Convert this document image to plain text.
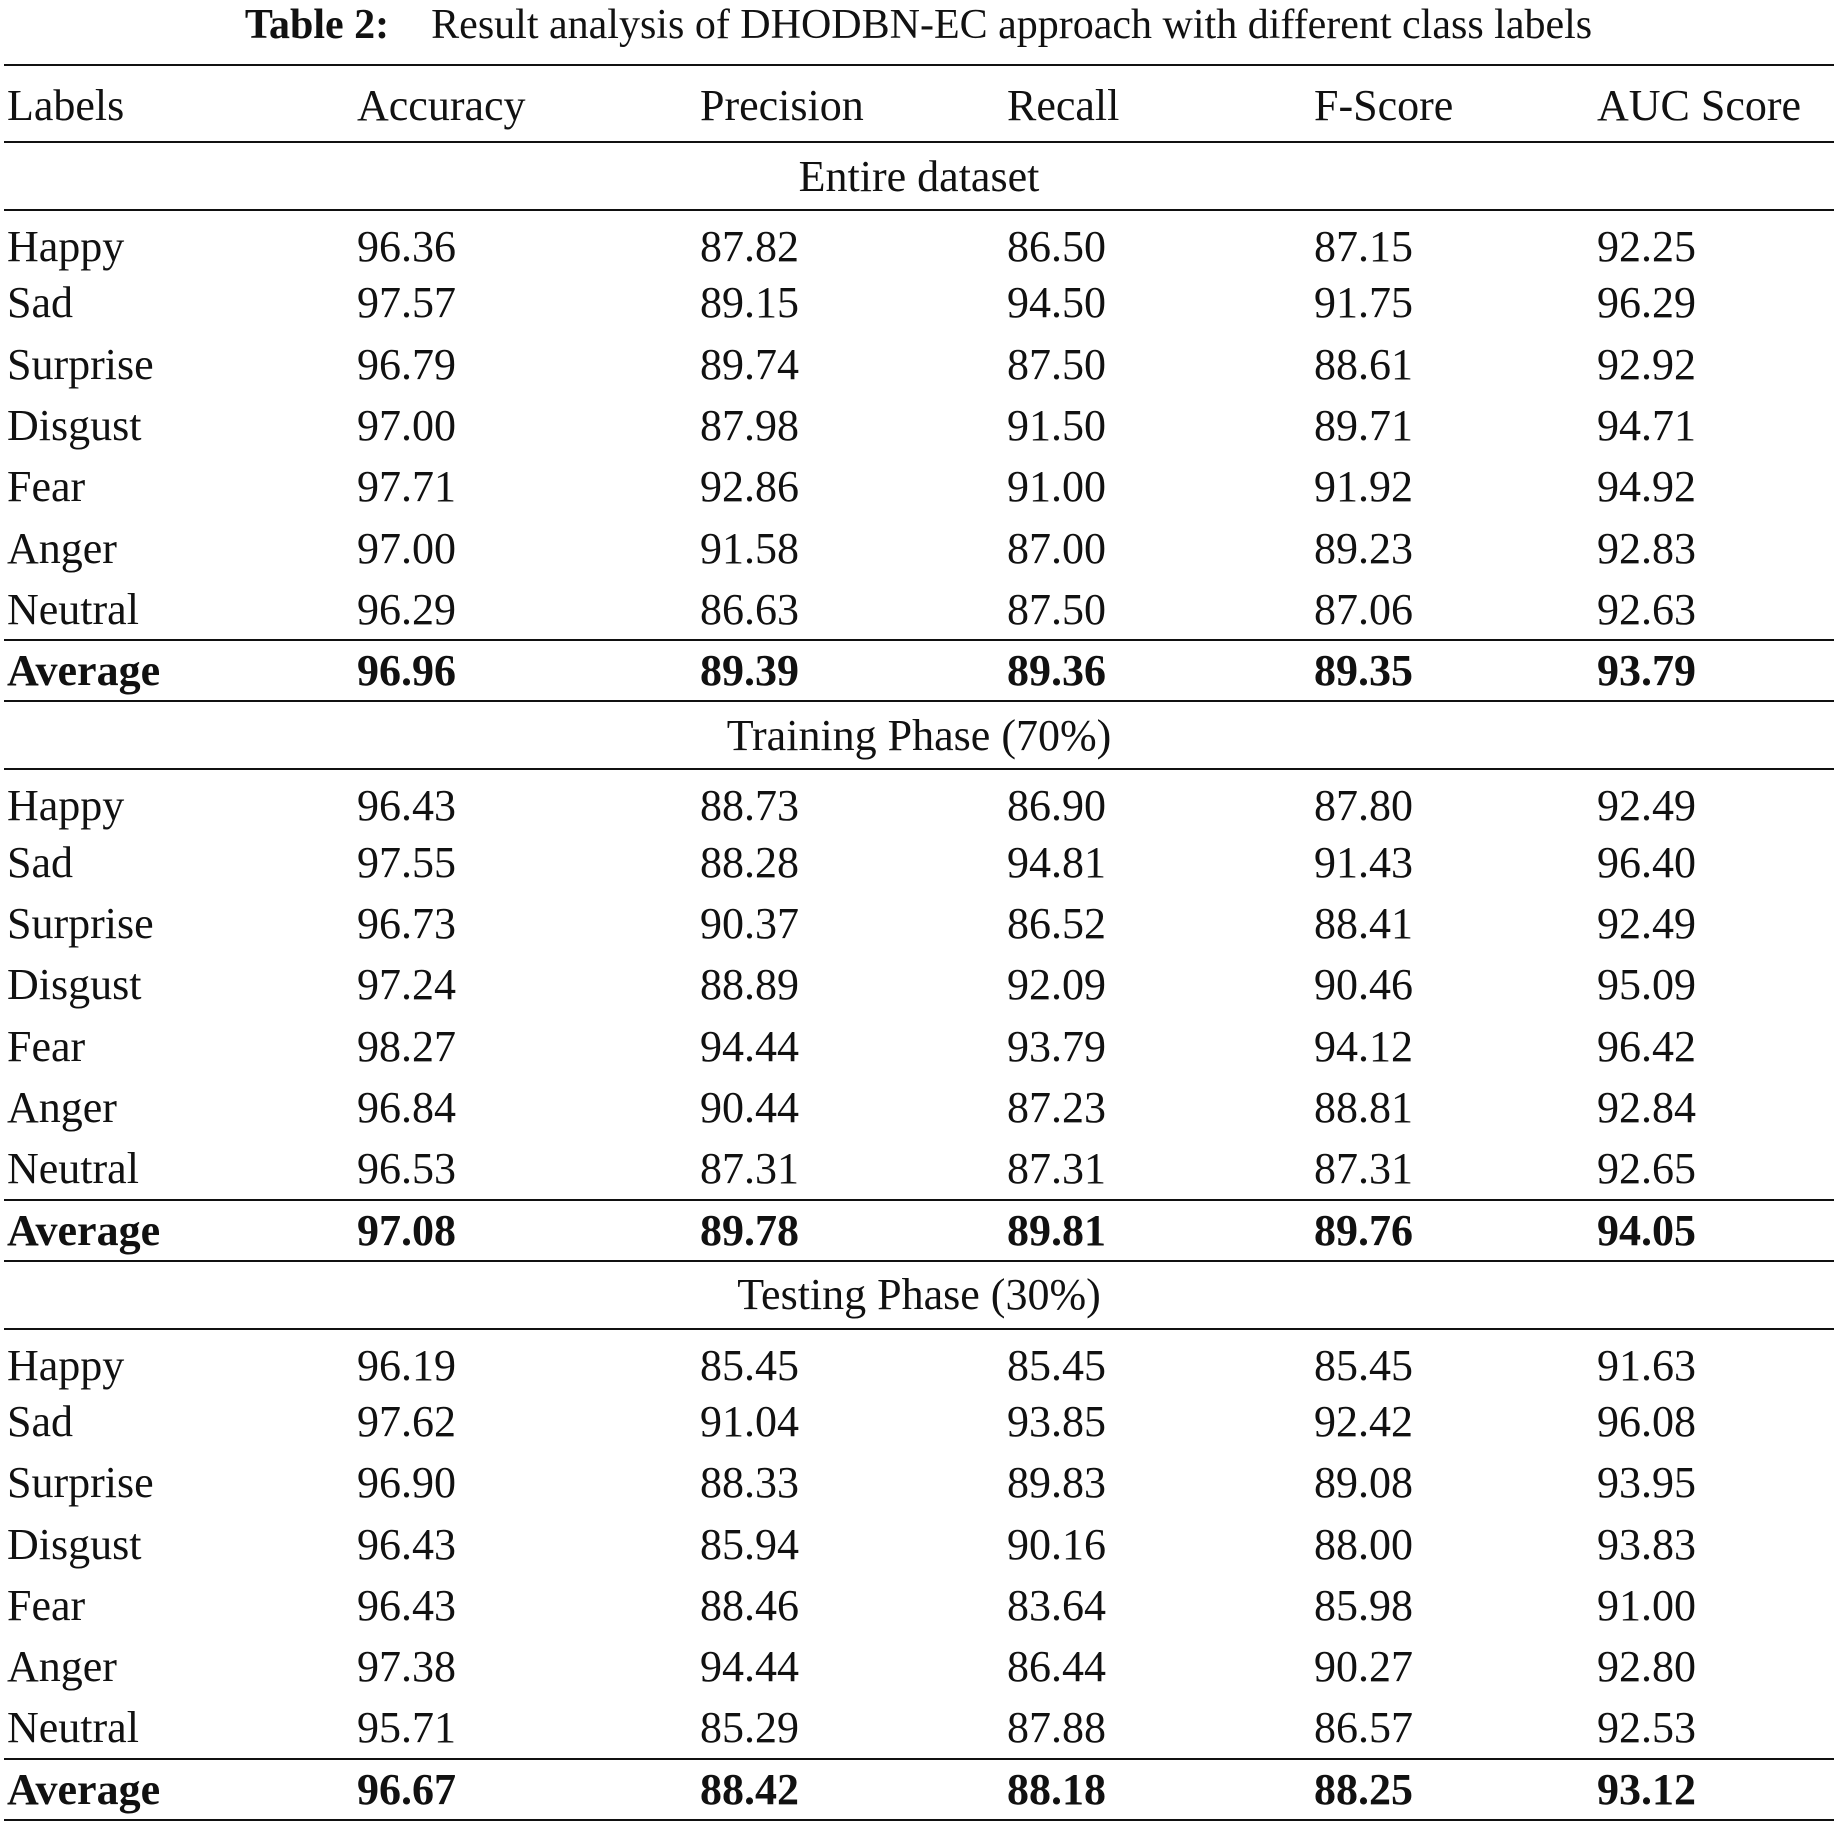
Table 2: Result analysis of DHODBN-EC approach with different class labels
Labels	Accuracy	Precision	Recall	F-Score	AUC Score
Entire dataset					
Happy	96.36	87.82	86.50	87.15	92.25
Sad	97.57	89.15	94.50	91.75	96.29
Surprise	96.79	89.74	87.50	88.61	92.92
Disgust	97.00	87.98	91.50	89.71	94.71
Fear	97.71	92.86	91.00	91.92	94.92
Anger	97.00	91.58	87.00	89.23	92.83
Neutral	96.29	86.63	87.50	87.06	92.63
Average	96.96	89.39	89.36	89.35	93.79
Training Phase (70%)					
Happy	96.43	88.73	86.90	87.80	92.49
Sad	97.55	88.28	94.81	91.43	96.40
Surprise	96.73	90.37	86.52	88.41	92.49
Disgust	97.24	88.89	92.09	90.46	95.09
Fear	98.27	94.44	93.79	94.12	96.42
Anger	96.84	90.44	87.23	88.81	92.84
Neutral	96.53	87.31	87.31	87.31	92.65
Average	97.08	89.78	89.81	89.76	94.05
Testing Phase (30%)					
Happy	96.19	85.45	85.45	85.45	91.63
Sad	97.62	91.04	93.85	92.42	96.08
Surprise	96.90	88.33	89.83	89.08	93.95
Disgust	96.43	85.94	90.16	88.00	93.83
Fear	96.43	88.46	83.64	85.98	91.00
Anger	97.38	94.44	86.44	90.27	92.80
Neutral	95.71	85.29	87.88	86.57	92.53
Average	96.67	88.42	88.18	88.25	93.12
